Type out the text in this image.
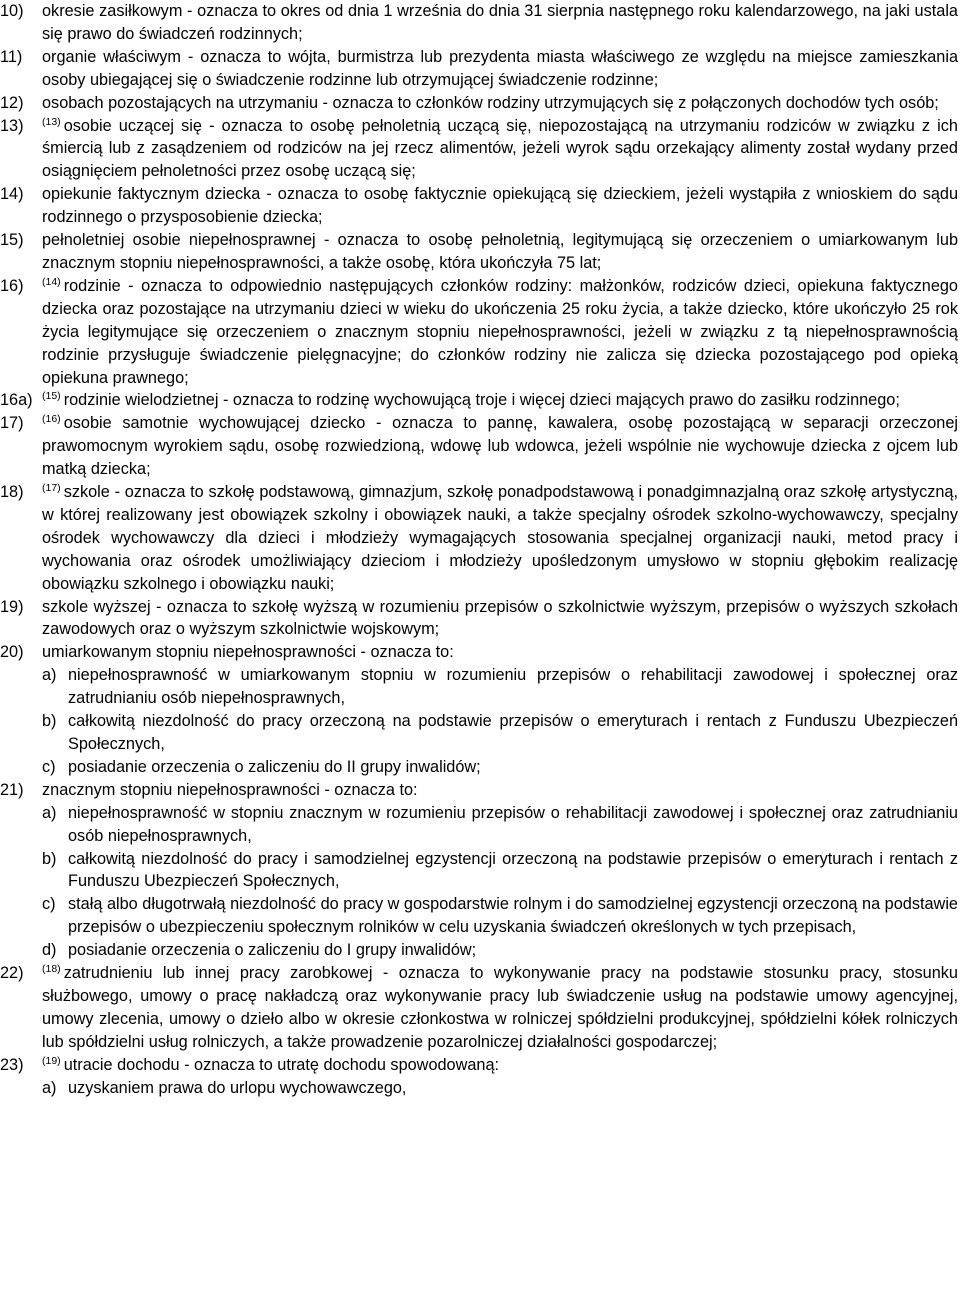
10) okresie zasiłkowym - oznacza to okres od dnia 1 września do dnia 31 sierpnia następnego roku kalendarzowego, na jaki ustala się prawo do świadczeń rodzinnych;
11) organie właściwym - oznacza to wójta, burmistrza lub prezydenta miasta właściwego ze względu na miejsce zamieszkania osoby ubiegającej się o świadczenie rodzinne lub otrzymującej świadczenie rodzinne;
12) osobach pozostających na utrzymaniu - oznacza to członków rodziny utrzymujących się z połączonych dochodów tych osób;
13) $^{(13)}$ osobie uczącej się - oznacza to osobę pełnoletnią uczącą się, niepozostającą na utrzymaniu rodziców w związku z ich śmiercią lub z zasądzeniem od rodziców na jej rzecz alimentów, jeżeli wyrok sądu orzekający alimenty został wydany przed osiągnięciem pełnoletności przez osobę uczącą się;
14) opiekunie faktycznym dziecka - oznacza to osobę faktycznie opiekującą się dzieckiem, jeżeli wystąpiła z wnioskiem do sądu rodzinnego o przysposobienie dziecka;
15) pełnoletniej osobie niepełnosprawnej - oznacza to osobę pełnoletnią, legitymującą się orzeczeniem o umiarkowanym lub znacznym stopniu niepełnosprawności, a także osobę, która ukończyła 75 lat;
16) $^{(14)}$ rodzinie - oznacza to odpowiednio następujących członków rodziny: małżonków, rodziców dzieci, opiekuna faktycznego dziecka oraz pozostające na utrzymaniu dzieci w wieku do ukończenia 25 roku życia, a także dziecko, które ukończyło 25 rok życia legitymujące się orzeczeniem o znacznym stopniu niepełnosprawności, jeżeli w związku z tą niepełnosprawnością rodzinie przysługuje świadczenie pielęgnacyjne; do członków rodziny nie zalicza się dziecka pozostającego pod opieką opiekuna prawnego;
16a) $^{(15)}$ rodzinie wielodzietnej - oznacza to rodzinę wychowującą troje i więcej dzieci mających prawo do zasiłku rodzinnego;
17) $^{(16)}$ osobie samotnie wychowującej dziecko - oznacza to pannę, kawalera, osobę pozostającą w separacji orzeczonej prawomocnym wyrokiem sądu, osobę rozwiedzioną, wdowę lub wdowca, jeżeli wspólnie nie wychowuje dziecka z ojcem lub matką dziecka;
18) $^{(17)}$ szkole - oznacza to szkołę podstawową, gimnazjum, szkołę ponadpodstawową i ponadgimnazjalną oraz szkołę artystyczną, w której realizowany jest obowiązek szkolny i obowiązek nauki, a także specjalny ośrodek szkolno-wychowawczy, specjalny ośrodek wychowawczy dla dzieci i młodzieży wymagających stosowania specjalnej organizacji nauki, metod pracy i wychowania oraz ośrodek umożliwiający dzieciom i młodzieży upośledzonym umysłowo w stopniu głębokim realizację obowiązku szkolnego i obowiązku nauki;
19) szkole wyższej - oznacza to szkołę wyższą w rozumieniu przepisów o szkolnictwie wyższym, przepisów o wyższych szkołach zawodowych oraz o wyższym szkolnictwie wojskowym;
20) umiarkowanym stopniu niepełnosprawności - oznacza to:
a) niepełnosprawność w umiarkowanym stopniu w rozumieniu przepisów o rehabilitacji zawodowej i społecznej oraz zatrudnianiu osób niepełnosprawnych,
b) całkowitą niezdolność do pracy orzeczoną na podstawie przepisów o emeryturach i rentach z Funduszu Ubezpieczeń Społecznych,
c) posiadanie orzeczenia o zaliczeniu do II grupy inwalidów;
21) znacznym stopniu niepełnosprawności - oznacza to:
a) niepełnosprawność w stopniu znacznym w rozumieniu przepisów o rehabilitacji zawodowej i społecznej oraz zatrudnianiu osób niepełnosprawnych,
b) całkowitą niezdolność do pracy i samodzielnej egzystencji orzeczoną na podstawie przepisów o emeryturach i rentach z Funduszu Ubezpieczeń Społecznych,
c) stałą albo długotrwałą niezdolność do pracy w gospodarstwie rolnym i do samodzielnej egzystencji orzeczoną na podstawie przepisów o ubezpieczeniu społecznym rolników w celu uzyskania świadczeń określonych w tych przepisach,
d) posiadanie orzeczenia o zaliczeniu do I grupy inwalidów;
22) $^{(18)}$ zatrudnieniu lub innej pracy zarobkowej - oznacza to wykonywanie pracy na podstawie stosunku pracy, stosunku służbowego, umowy o pracę nakładczą oraz wykonywanie pracy lub świadczenie usług na podstawie umowy agencyjnej, umowy zlecenia, umowy o dzieło albo w okresie członkostwa w rolniczej spółdzielni produkcyjnej, spółdzielni kółek rolniczych lub spółdzielni usług rolniczych, a także prowadzenie pozarolniczej działalności gospodarczej;
23) $^{(19)}$ utracie dochodu - oznacza to utratę dochodu spowodowaną:
a) uzyskaniem prawa do urlopu wychowawczego,
